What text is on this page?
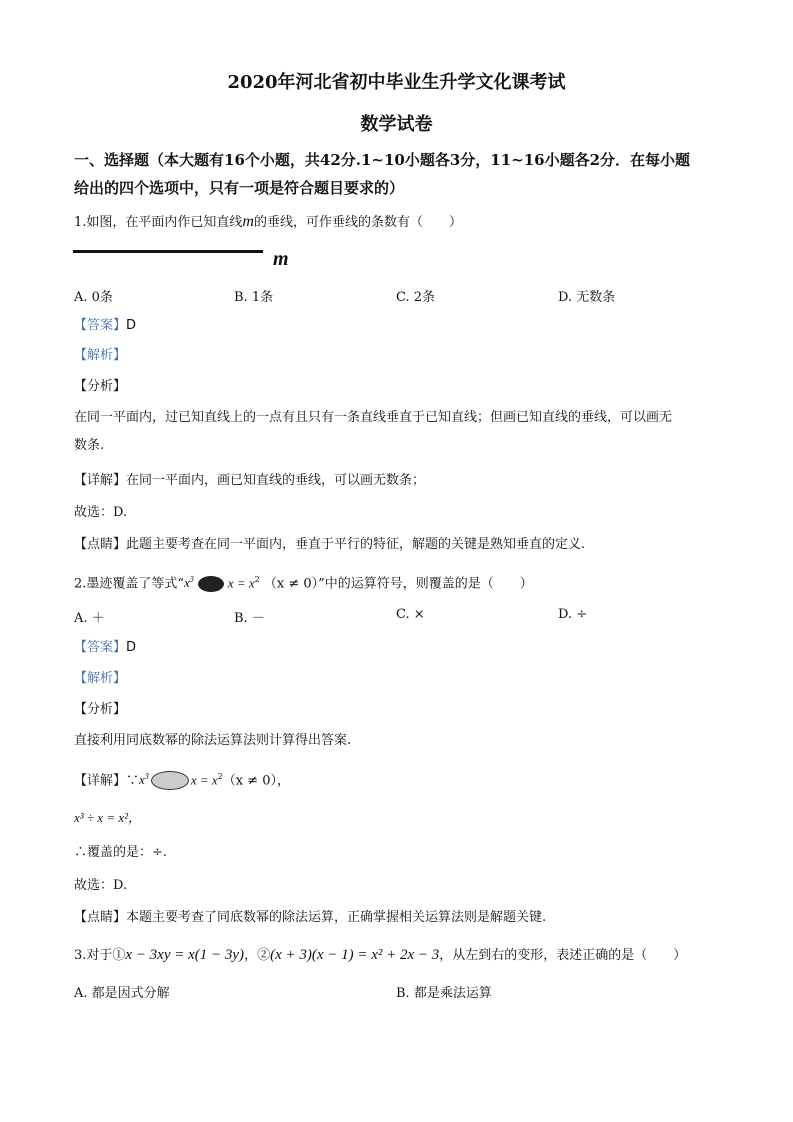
2020年河北省初中毕业生升学文化课考试
数学试卷
一、选择题（本大题有16个小题，共42分.1~10小题各3分，11~16小题各2分．在每小题
给出的四个选项中，只有一项是符合题目要求的）
1.如图，在平面内作已知直线m的垂线，可作垂线的条数有（　　）
m
A. 0条	B. 1条	C. 2条	D. 无数条
【答案】D
【解析】
【分析】
在同一平面内，过已知直线上的一点有且只有一条直线垂直于已知直线；但画已知直线的垂线，可以画无
数条.
【详解】在同一平面内，画已知直线的垂线，可以画无数条；
故选：D.
【点睛】此题主要考查在同一平面内，垂直于平行的特征，解题的关键是熟知垂直的定义.
2.墨迹覆盖了等式“$x^3$	$x = x^2$ （x ≠ 0）”中的运算符号，则覆盖的是（　　）
A. ＋	B. －	C. ×	D. ÷
【答案】D
【解析】
【分析】
直接利用同底数幂的除法运算法则计算得出答案.
【详解】$\because x^3$	$x = x^2(x \ne 0)$，
x³ ÷ x = x²，
∴覆盖的是：÷.
故选：D.
【点睛】本题主要考查了同底数幂的除法运算，正确掌握相关运算法则是解题关键.
3.对于①x − 3xy = x(1 − 3y)，②(x + 3)(x − 1) = x² + 2x − 3，从左到右的变形，表述正确的是（　　）
A. 都是因式分解	B. 都是乘法运算
